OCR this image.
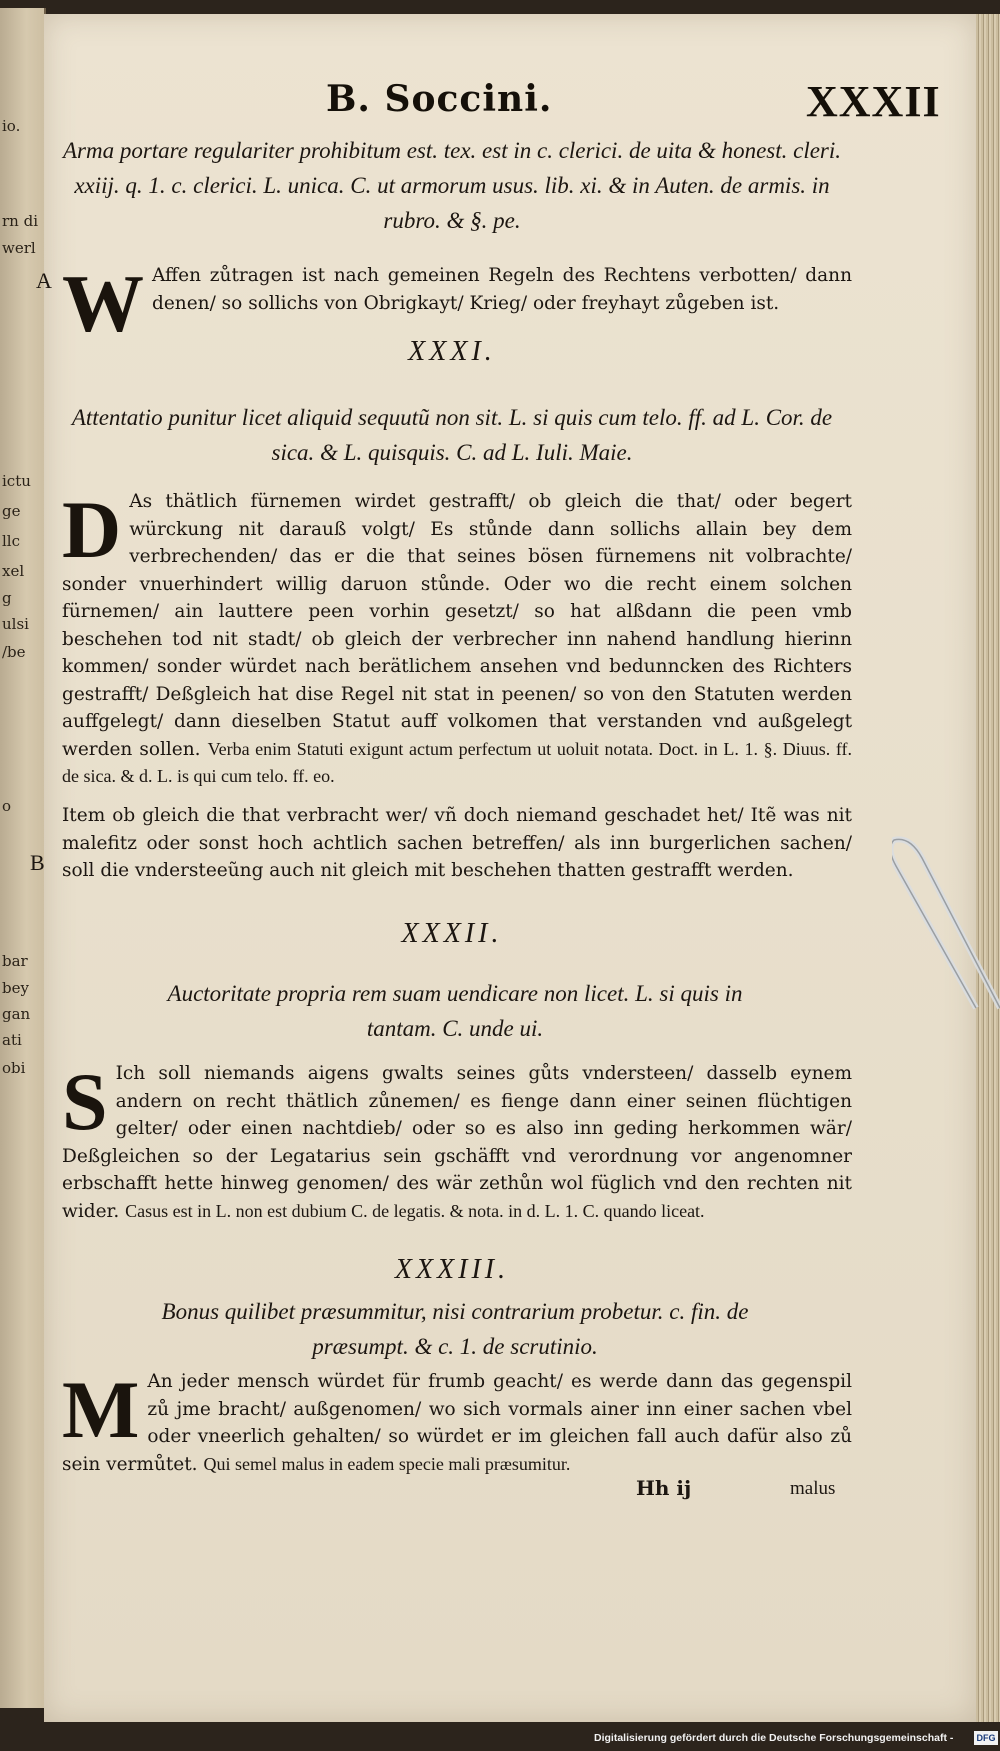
io.
rn di
werl
ictu
ge
llc
xel
g
ulsi
/be
o
bar
bey
gan
ati
obi
B. Soccini.	XXXII
Arma portare regulariter prohibitum est. tex. est in c. clerici. de uita & honest. cleri. xxiij. q. 1. c. clerici. L. unica. C. ut armorum usus. lib. xi. & in Auten. de armis. in rubro. & §. pe.
A W Affen zůtragen ist nach gemeinen Regeln des Rechtens verbotten/ dann denen/ so sollichs von Obrigkayt/ Krieg/ oder freyhayt zůgeben ist.
XXXI.
Attentatio punitur licet aliquid sequutũ non sit. L. si quis cum telo. ff. ad L. Cor. de sica. & L. quisquis. C. ad L. Iuli. Maie.
D As thätlich fürnemen wirdet gestrafft/ ob gleich die that/ oder begert würckung nit darauß volgt/ Es stůnde dann sollichs allain bey dem verbrechenden/ das er die that seines bösen fürnemens nit volbrachte/ sonder vnuerhindert willig daruon stůnde. Oder wo die recht einem solchen fürnemen/ ain lauttere peen vorhin gesetzt/ so hat alßdann die peen vmb beschehen tod nit stadt/ ob gleich der verbrecher inn nahend handlung hierinn kommen/ sonder würdet nach berätlichem ansehen vnd bedunncken des Richters gestrafft/ Deßgleich hat dise Regel nit stat in peenen/ so von den Statuten werden auffgelegt/ dann dieselben Statut auff volkomen that verstanden vnd außgelegt werden sollen. Verba enim Statuti exigunt actum perfectum ut uoluit notata. Doct. in L. 1. §. Diuus. ff. de sica. & d. L. is qui cum telo. ff. eo.
B
Item ob gleich die that verbracht wer/ vñ doch niemand geschadet het/ Itẽ was nit malefitz oder sonst hoch achtlich sachen betreffen/ als inn burgerlichen sachen/ soll die vndersteeũng auch nit gleich mit beschehen thatten gestrafft werden.
XXXII.
Auctoritate propria rem suam uendicare non licet. L. si quis in tantam. C. unde ui.
S Ich soll niemands aigens gwalts seines gůts vndersteen/ dasselb eynem andern on recht thätlich zůnemen/ es fienge dann einer seinen flüchtigen gelter/ oder einen nachtdieb/ oder so es also inn geding herkommen wär/ Deßgleichen so der Legatarius sein gschäfft vnd verordnung vor angenomner erbschafft hette hinweg genomen/ des wär zethůn wol füglich vnd den rechten nit wider. Casus est in L. non est dubium C. de legatis. & nota. in d. L. 1. C. quando liceat.
XXXIII.
Bonus quilibet præsummitur, nisi contrarium probetur. c. fin. de præsumpt. & c. 1. de scrutinio.
M An jeder mensch würdet für frumb geacht/ es werde dann das gegenspil zů jme bracht/ außgenomen/ wo sich vormals ainer inn einer sachen vbel oder vneerlich gehalten/ so würdet er im gleichen fall auch dafür also zů sein vermůtet. Qui semel malus in eadem specie mali præsumitur.
Hh ij	malus
Digitalisierung gefördert durch die Deutsche Forschungsgemeinschaft -	DFG
